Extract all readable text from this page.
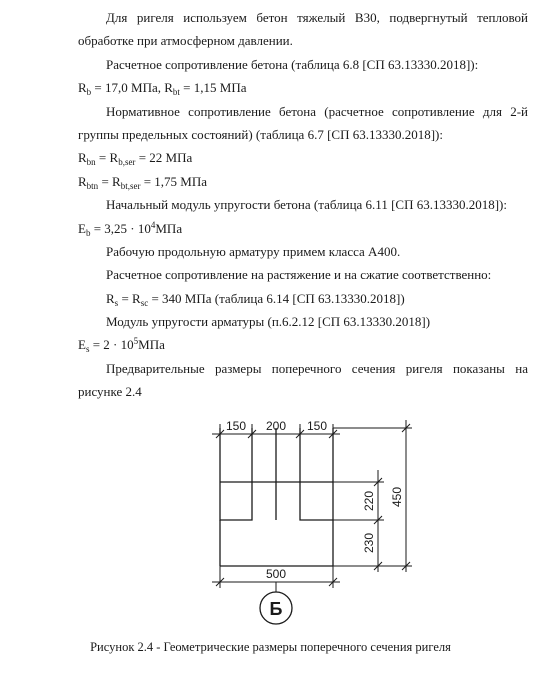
Для ригеля используем бетон тяжелый В30, подвергнутый тепловой
обработке при атмосферном давлении.
Расчетное сопротивление бетона (таблица 6.8 [СП 63.13330.2018]):
$R_b = 17,0$ МПа, $R_{bt} = 1,15$ МПа
Нормативное сопротивление бетона (расчетное сопротивление для 2-й
группы предельных состояний) (таблица 6.7 [СП 63.13330.2018]):
$R_{bn} = R_{b,ser} = 22$ МПа
$R_{btn} = R_{bt,ser} = 1,75$ МПа
Начальный модуль упругости бетона (таблица 6.11 [СП 63.13330.2018]):
$E_b = 3,25 \cdot 10^4МПа$
Рабочую продольную арматуру примем класса А400.
Расчетное сопротивление на растяжение и на сжатие соответственно:
$R_s = R_{sc} = 340$ МПа (таблица 6.14 [СП 63.13330.2018])
Модуль упругости арматуры (п.6.2.12 [СП 63.13330.2018])
$E_s = 2 \cdot 10^5МПа$
Предварительные размеры поперечного сечения ригеля показаны на
рисунке 2.4
150 200 150
220
230
450
500
Б
Рисунок 2.4 - Геометрические размеры поперечного сечения ригеля
